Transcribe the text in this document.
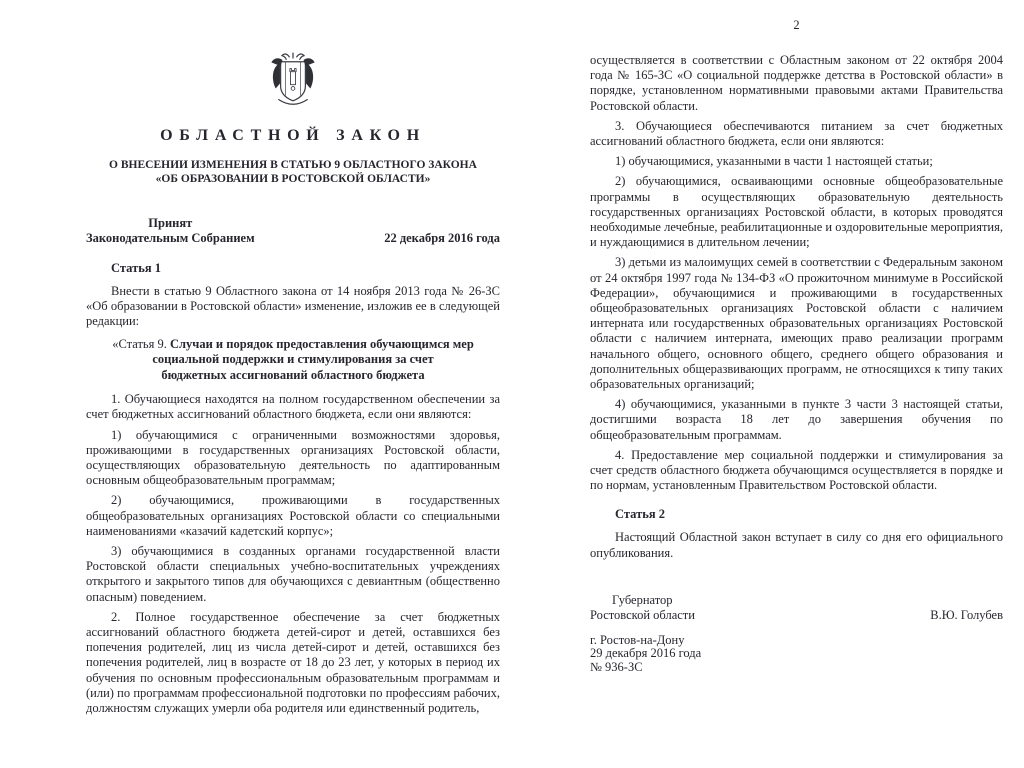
ОБЛАСТНОЙ ЗАКОН
О ВНЕСЕНИИ ИЗМЕНЕНИЯ В СТАТЬЮ 9 ОБЛАСТНОГО ЗАКОНА
«ОБ ОБРАЗОВАНИИ В РОСТОВСКОЙ ОБЛАСТИ»
Принят
Законодательным Собранием	22 декабря 2016 года
Статья 1

Внести в статью 9 Областного закона от 14 ноября 2013 года № 26-ЗС «Об образовании в Ростовской области» изменение, изложив ее в следующей редакции:

«Статья 9. Случаи и порядок предоставления обучающимся мер
социальной поддержки и стимулирования за счет
бюджетных ассигнований областного бюджета

1. Обучающиеся находятся на полном государственном обеспечении за счет бюджетных ассигнований областного бюджета, если они являются:

1) обучающимися с ограниченными возможностями здоровья, проживающими в государственных организациях Ростовской области, осуществляющих образовательную деятельность по адаптированным основным общеобразовательным программам;

2) обучающимися, проживающими в государственных общеобразовательных организациях Ростовской области со специальными наименованиями «казачий кадетский корпус»;

3) обучающимися в созданных органами государственной власти Ростовской области специальных учебно-воспитательных учреждениях открытого и закрытого типов для обучающихся с девиантным (общественно опасным) поведением.

2. Полное государственное обеспечение за счет бюджетных ассигнований областного бюджета детей-сирот и детей, оставшихся без попечения родителей, лиц из числа детей-сирот и детей, оставшихся без попечения родителей, лиц в возрасте от 18 до 23 лет, у которых в период их обучения по основным профессиональным образовательным программам и (или) по программам профессиональной подготовки по профессиям рабочих, должностям служащих умерли оба родителя или единственный родитель,

2

осуществляется в соответствии с Областным законом от 22 октября 2004 года № 165-ЗС «О социальной поддержке детства в Ростовской области» в порядке, установленном нормативными правовыми актами Правительства Ростовской области.

3. Обучающиеся обеспечиваются питанием за счет бюджетных ассигнований областного бюджета, если они являются:

1) обучающимися, указанными в части 1 настоящей статьи;

2) обучающимися, осваивающими основные общеобразовательные программы в осуществляющих образовательную деятельность государственных организациях Ростовской области, в которых проводятся необходимые лечебные, реабилитационные и оздоровительные мероприятия, и нуждающимися в длительном лечении;

3) детьми из малоимущих семей в соответствии с Федеральным законом от 24 октября 1997 года № 134-ФЗ «О прожиточном минимуме в Российской Федерации», обучающимися и проживающими в государственных общеобразовательных организациях Ростовской области с наличием интерната или государственных образовательных организациях Ростовской области с наличием интерната, имеющих право реализации программ начального общего, основного общего, среднего общего образования и дополнительных общеразвивающих программ, не относящихся к типу таких образовательных организаций;

4) обучающимися, указанными в пункте 3 части 3 настоящей статьи, достигшими возраста 18 лет до завершения обучения по общеобразовательным программам.

4. Предоставление мер социальной поддержки и стимулирования за счет средств областного бюджета обучающимся осуществляется в порядке и по нормам, установленным Правительством Ростовской области.

Статья 2

Настоящий Областной закон вступает в силу со дня его официального опубликования.

Губернатор
Ростовской области	В.Ю. Голубев
г. Ростов-на-Дону
29 декабря 2016 года
№ 936-ЗС
